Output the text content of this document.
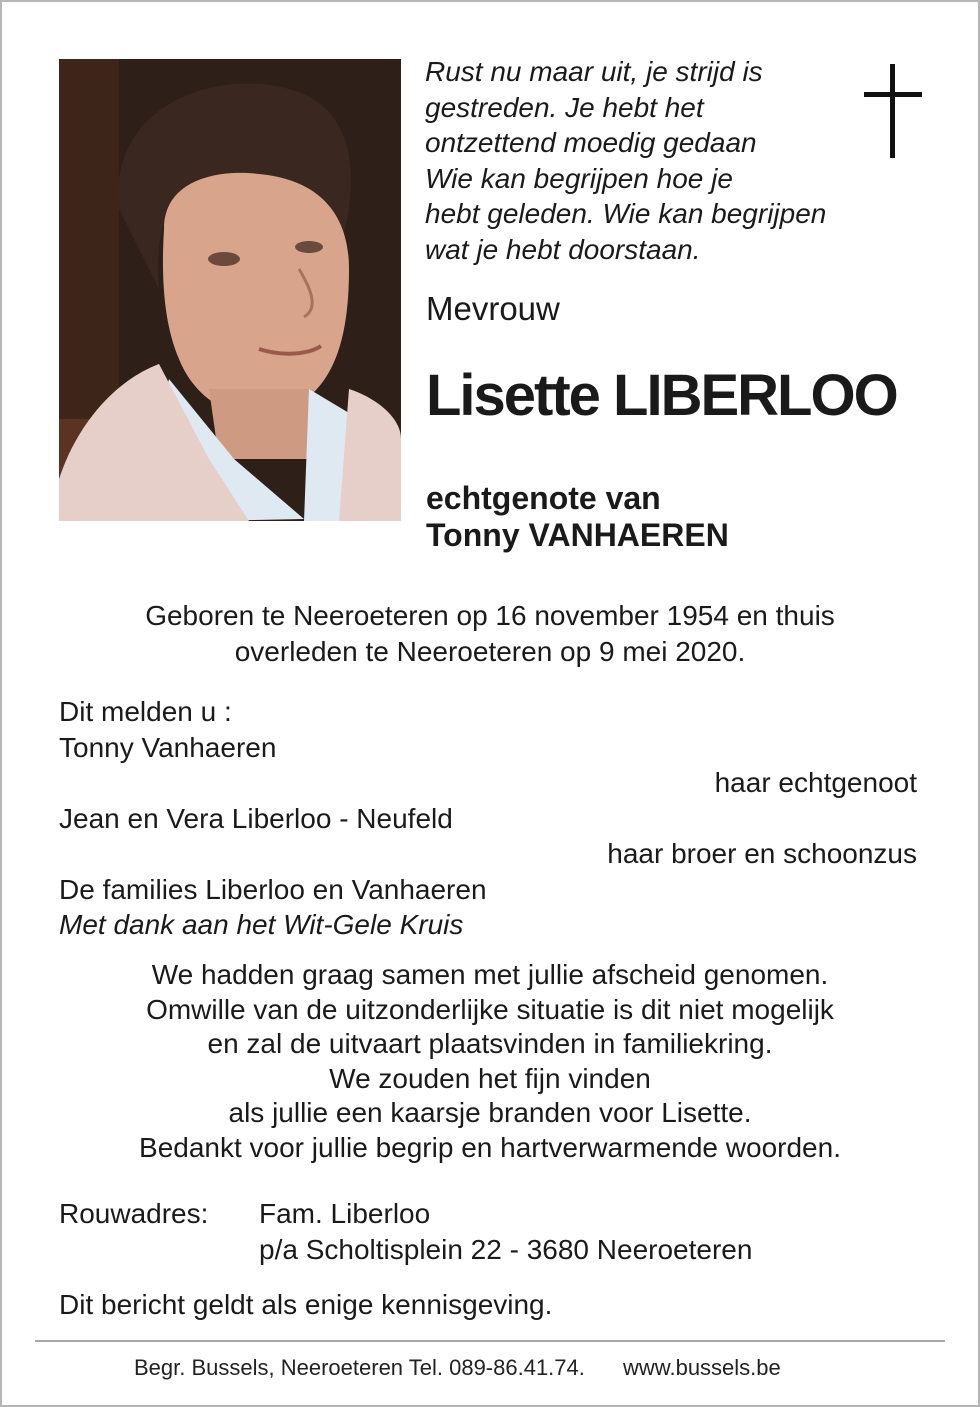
Rust nu maar uit, je strijd is
gestreden. Je hebt het
ontzettend moedig gedaan
Wie kan begrijpen hoe je
hebt geleden. Wie kan begrijpen
wat je hebt doorstaan.
Mevrouw
Lisette LIBERLOO
echtgenote van
Tonny VANHAEREN
Geboren te Neeroeteren op 16 november 1954 en thuis
overleden te Neeroeteren op 9 mei 2020.
Dit melden u :
Tonny Vanhaeren
haar echtgenoot
Jean en Vera Liberloo - Neufeld
haar broer en schoonzus
De families Liberloo en Vanhaeren
Met dank aan het Wit-Gele Kruis
We hadden graag samen met jullie afscheid genomen.
Omwille van de uitzonderlijke situatie is dit niet mogelijk
en zal de uitvaart plaatsvinden in familiekring.
We zouden het fijn vinden
als jullie een kaarsje branden voor Lisette.
Bedankt voor jullie begrip en hartverwarmende woorden.
Rouwadres: Fam. Liberloo
p/a Scholtisplein 22 - 3680 Neeroeteren
Dit bericht geldt als enige kennisgeving.
Begr. Bussels, Neeroeteren Tel. 089-86.41.74. www.bussels.be
